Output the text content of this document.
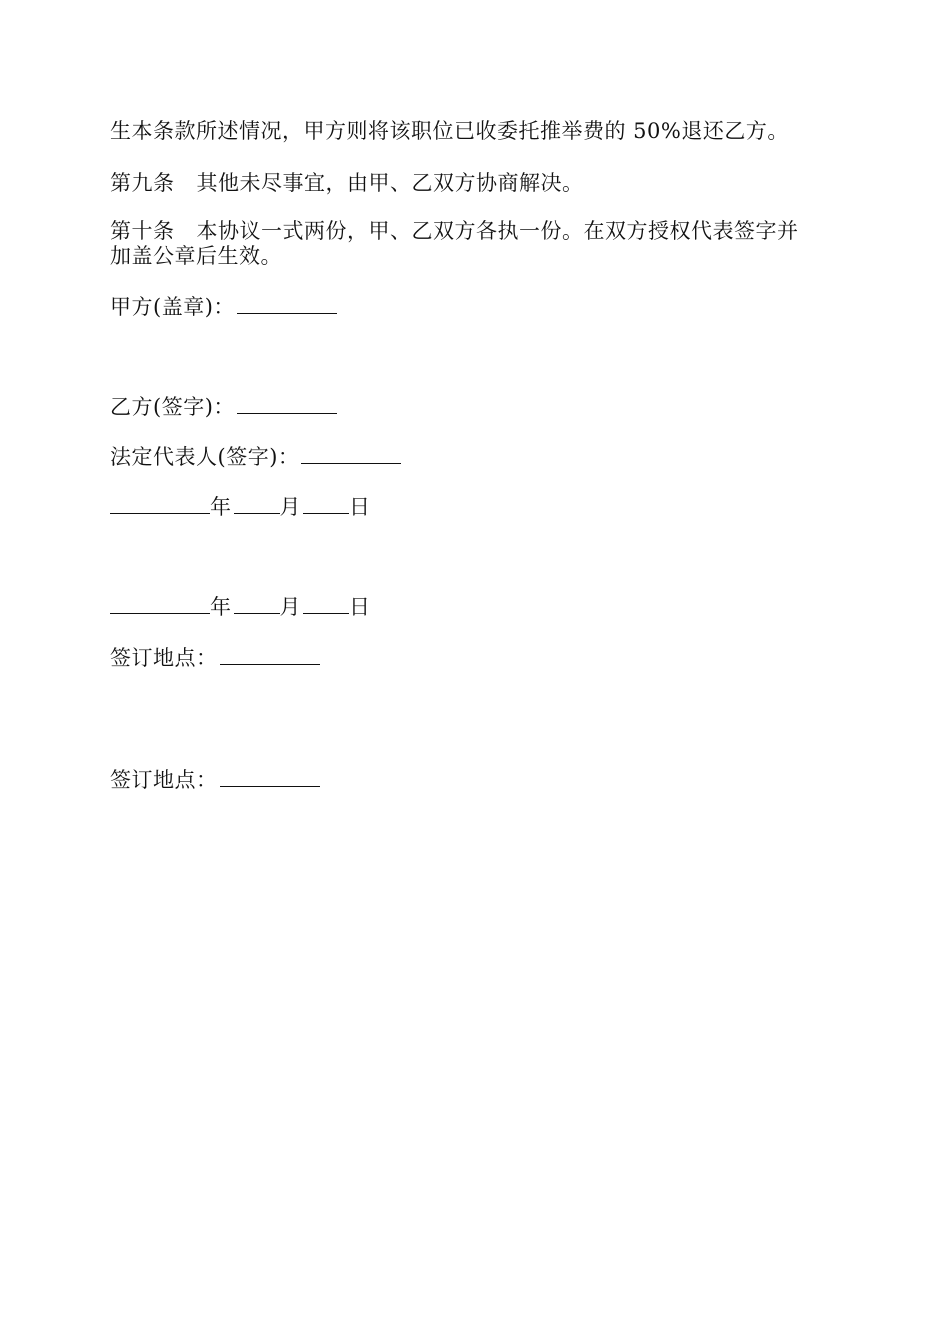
生本条款所述情况，甲方则将该职位已收委托推举费的 50%退还乙方。
第九条 其他未尽事宜，由甲、乙双方协商解决。
第十条 本协议一式两份，甲、乙双方各执一份。在双方授权代表签字并
加盖公章后生效。
甲方(盖章)：
乙方(签字)：
法定代表人(签字)：
年 月 日
年 月 日
签订地点：
签订地点：
